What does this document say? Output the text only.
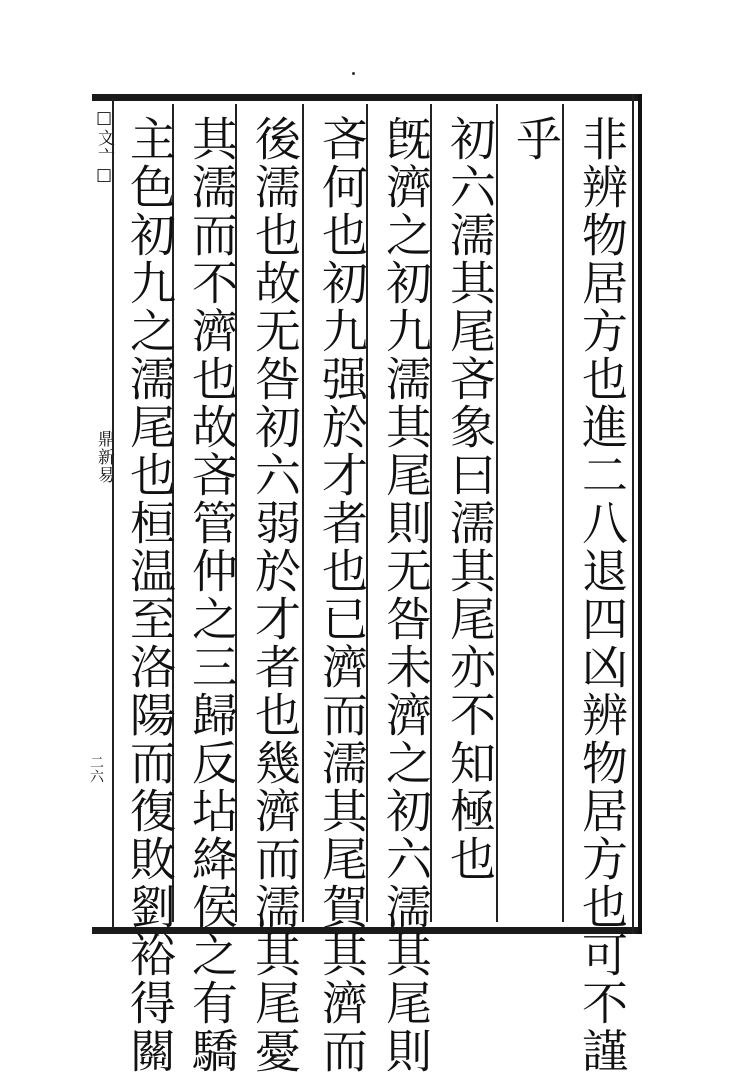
□文亠□
鼎新易
二六	非辨物居方也進二八退四凶辨物居方也可不謹
乎
初六濡其尾吝象曰濡其尾亦不知極也
旣濟之初九濡其尾則无咎未濟之初六濡其尾則
吝何也初九强於才者也已濟而濡其尾賀其濟而
後濡也故无咎初六弱於才者也幾濟而濡其尾憂
其濡而不濟也故吝管仲之三歸反坫絳侯之有驕
主色初九之濡尾也桓温至洛陽而復敗劉裕得關
